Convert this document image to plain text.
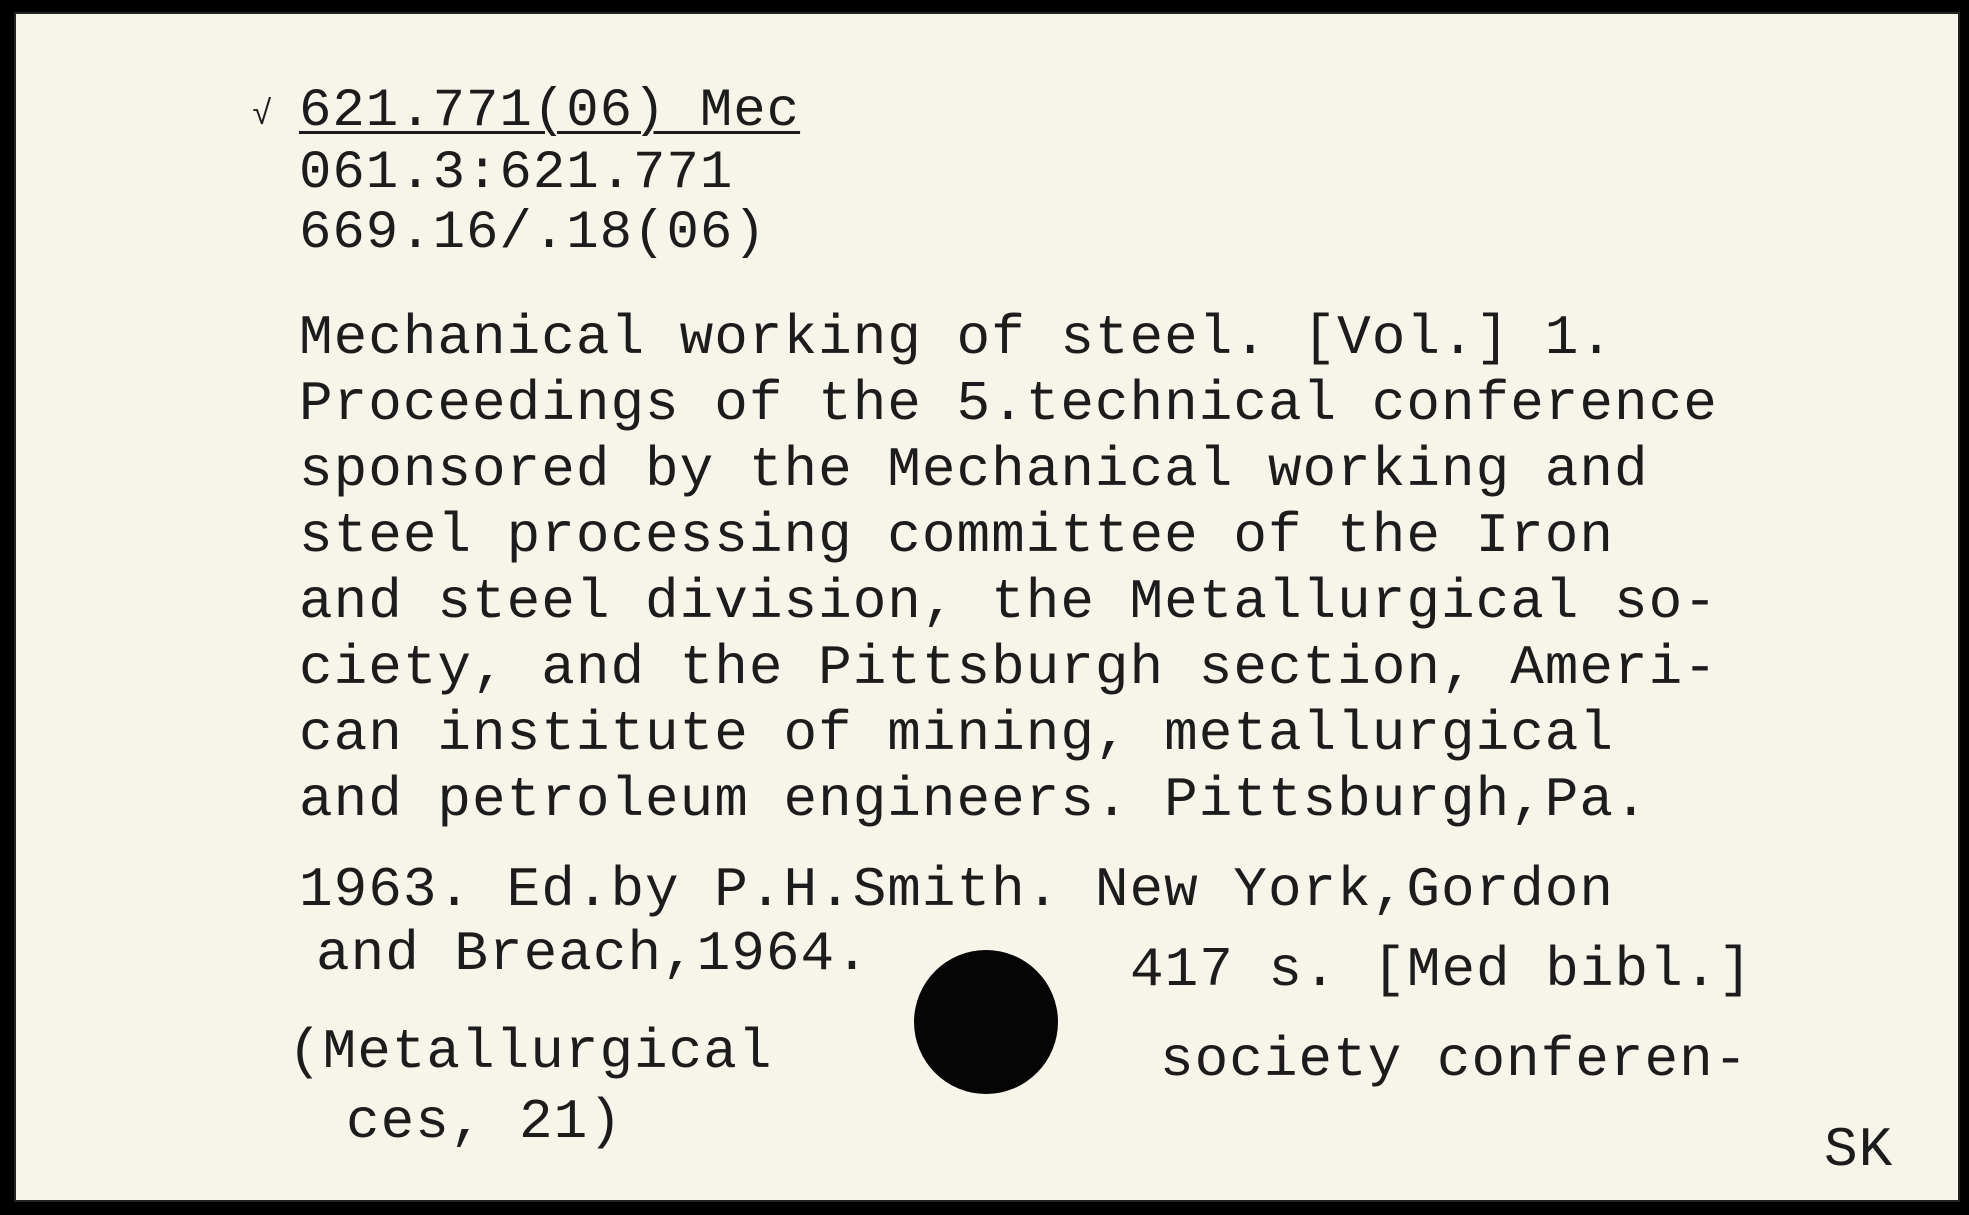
√ 621.771(06) Mec
061.3:621.771
669.16/.18(06)
Mechanical working of steel. [Vol.] 1.
Proceedings of the 5.technical conference
sponsored by the Mechanical working and
steel processing committee of the Iron
and steel division, the Metallurgical so-
ciety, and the Pittsburgh section, Ameri-
can institute of mining, metallurgical
and petroleum engineers. Pittsburgh,Pa.
1963. Ed.by P.H.Smith. New York,Gordon
and Breach,1964.	417 s. [Med bibl.]
(Metallurgical	society conferen-
ces, 21)	SK
